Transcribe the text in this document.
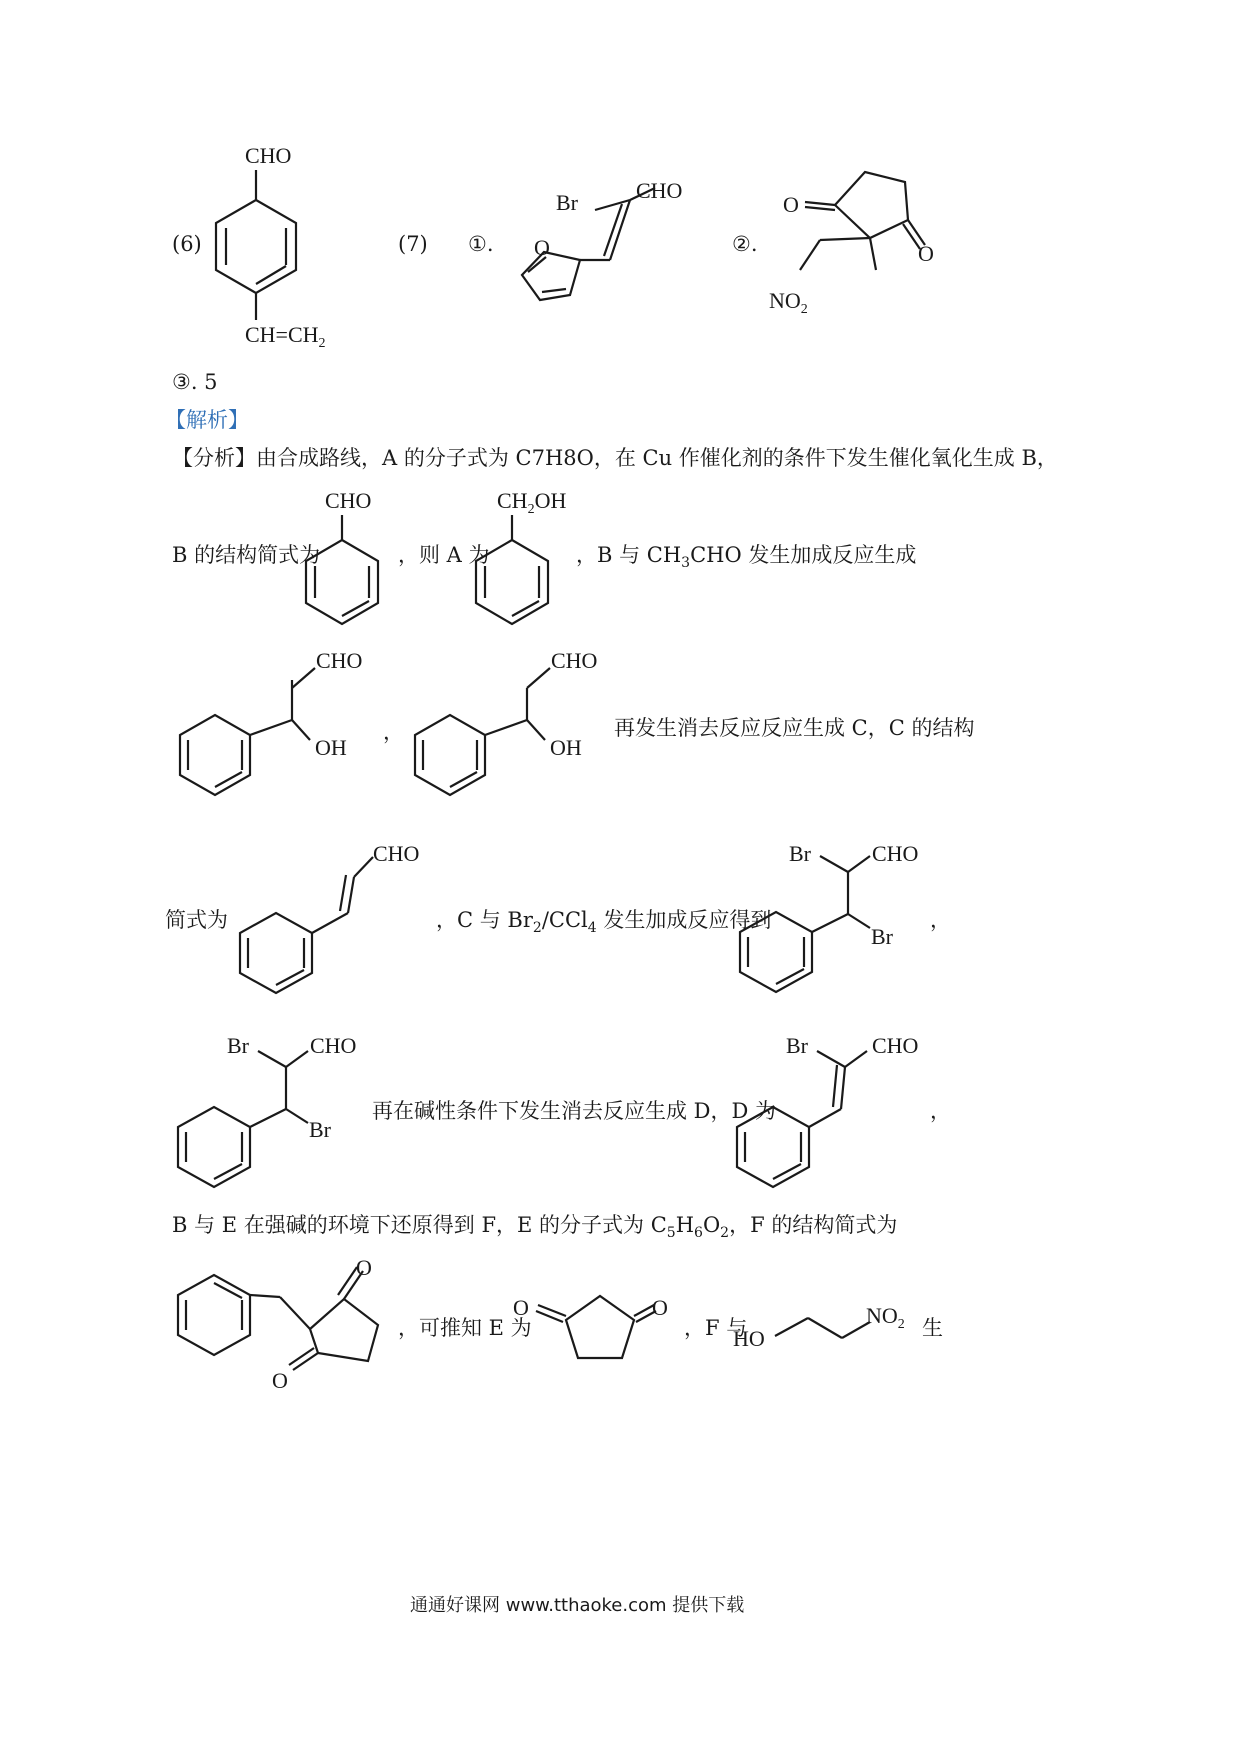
(6)
CHO
$CH=CH_2$
(7) ①.
Br	CHO
O	②.
O
O
$NO_2$
③. 5
【解析】
【分析】由合成路线，A 的分子式为 C7H8O，在 Cu 作催化剂的条件下发生催化氧化生成 B，
B 的结构简式为
CHO
，则 A 为
$CH_2OH$
，B 与 $CH_3CHO$ 发生加成反应生成
CHO
OH
，
CHO
OH
再发生消去反应反应生成 C，C 的结构
简式为
CHO
，C 与 $Br_2/CCl_4$ 发生加成反应得到
Br	CHO
Br
，
Br	CHO
Br
再在碱性条件下发生消去反应生成 D，D 为
Br	CHO
，
B 与 E 在强碱的环境下还原得到 F，E 的分子式为 $C_5H_6O_2$，F 的结构简式为
O
O
，可推知 E 为
O	O
，F 与
HO
$NO_2$ 生
通通好课网 www.tthaoke.com 提供下载
